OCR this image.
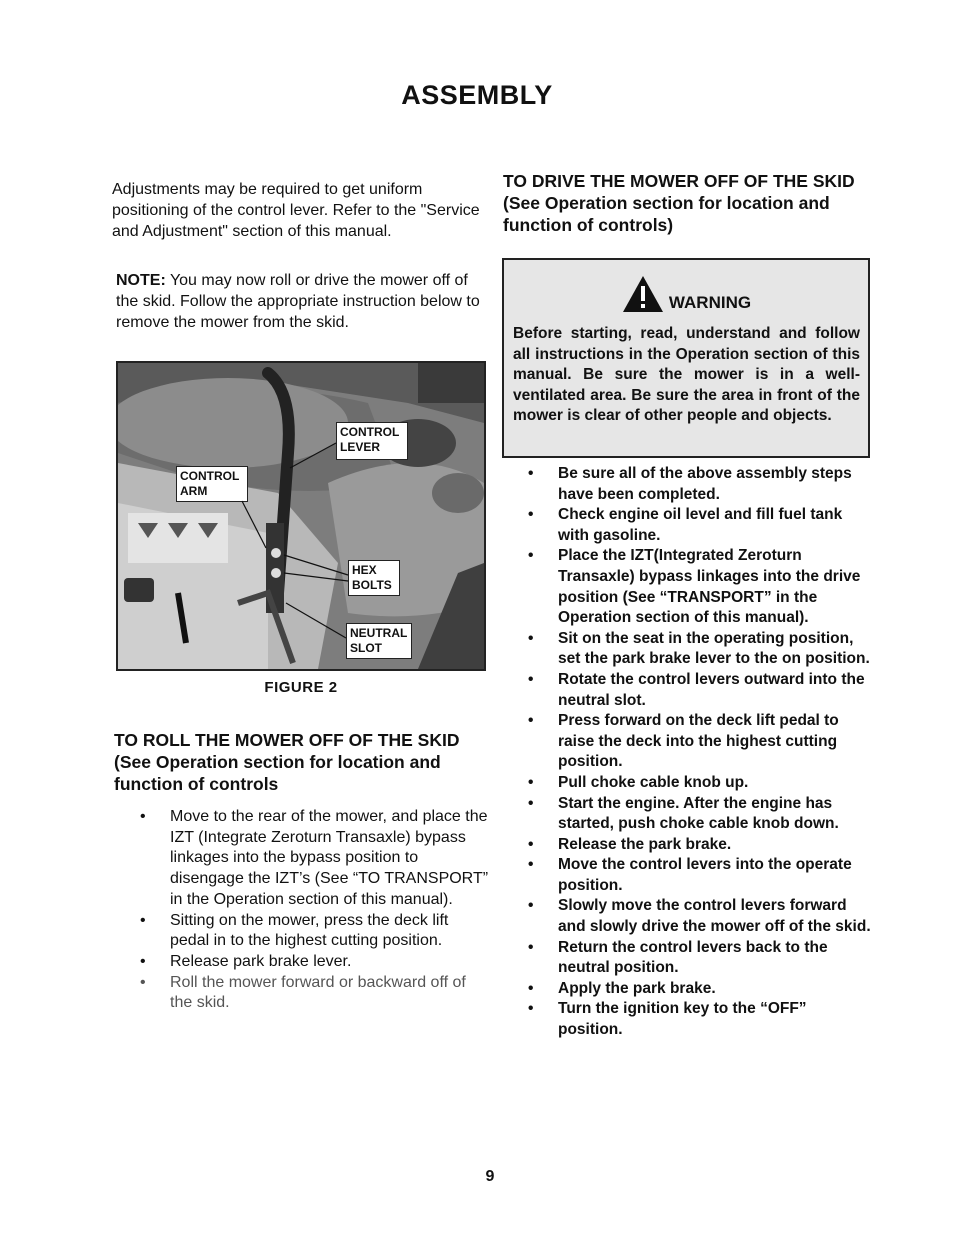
ASSEMBLY
Adjustments may be required to get uniform positioning of the control lever. Refer to the "Service and Adjustment" section of this manual.
NOTE: You may now roll or drive the mower off of the skid. Follow the appropriate instruction below to remove the mower from the skid.
CONTROL
LEVER
CONTROL
ARM
HEX
BOLTS
NEUTRAL
SLOT
FIGURE 2
TO ROLL THE MOWER OFF OF THE SKID (See Operation section for location and function of controls
• Move to the rear of the mower, and place the IZT (Integrate Zeroturn Transaxle) bypass linkages into the bypass position to disengage the IZT’s (See “TO TRANSPORT” in the Operation section of this manual).
• Sitting on the mower, press the deck lift pedal in to the highest cutting position.
• Release park brake lever.
• Roll the mower forward or backward off of the skid.
TO DRIVE THE MOWER OFF OF THE SKID (See Operation section for location and function of controls)
WARNING
Before starting, read, understand and follow all instructions in the Operation section of this manual. Be sure the mower is in a well-ventilated area. Be sure the area in front of the mower is clear of other people and objects.
• Be sure all of the above assembly steps have been completed.
• Check engine oil level and fill fuel tank with gasoline.
• Place the IZT(Integrated Zeroturn Transaxle) bypass linkages into the drive position (See “TRANSPORT” in the Operation section of this manual).
• Sit on the seat in the operating position, set the park brake lever to the on position.
• Rotate the control levers outward into the neutral slot.
• Press forward on the deck lift pedal to raise the deck into the highest cutting position.
• Pull choke cable knob up.
• Start the engine. After the engine has started, push choke cable knob down.
• Release the park brake.
• Move the control levers into the operate position.
• Slowly move the control levers forward and slowly drive the mower off of the skid.
• Return the control levers back to the neutral position.
• Apply the park brake.
• Turn the ignition key to the “OFF” position.
9
